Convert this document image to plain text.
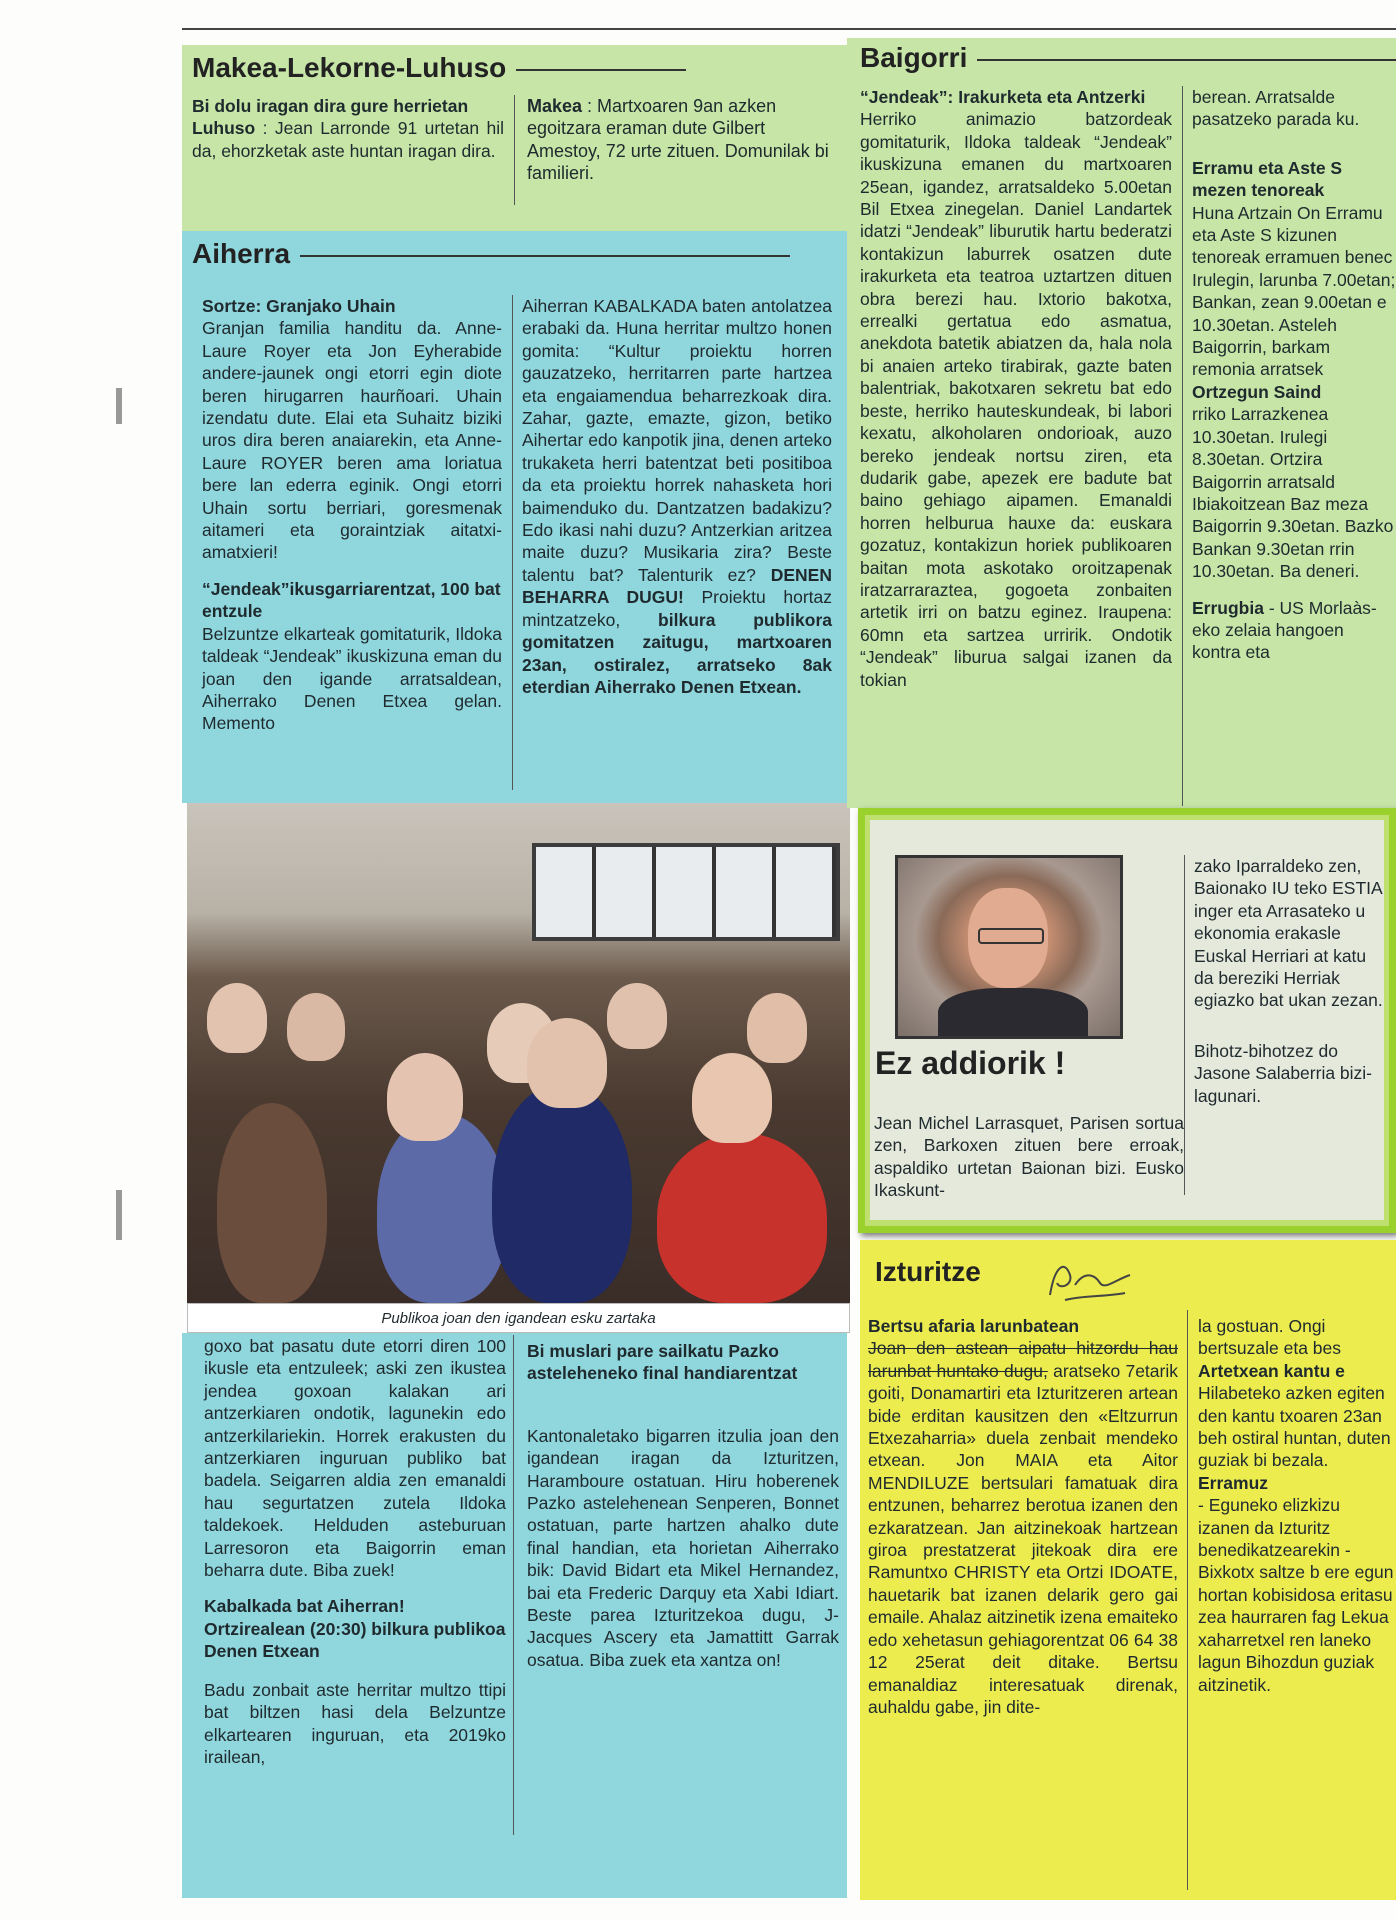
Makea-Lekorne-Luhuso
Bi dolu iragan dira gure herrietan
Luhuso : Jean Larronde 91 urtetan hil da, ehorzketak aste huntan iragan dira.
Makea : Martxoaren 9an azken egoitzara eraman dute Gilbert Amestoy, 72 urte zituen. Domunilak bi familieri.
Aiherra
Sortze: Granjako Uhain

Granjan familia handitu da. Anne-Laure Royer eta Jon Eyherabide andere-jaunek ongi etorri egin diote beren hirugarren haurñoari. Uhain izendatu dute. Elai eta Suhaitz biziki uros dira beren anaiarekin, eta Anne-Laure ROYER beren ama loriatua bere lan ederra eginik. Ongi etorri Uhain sortu berriari, goresmenak aitameri eta goraintziak aitatxi-amatxieri!

“Jendeak”ikusgarriarentzat, 100 bat entzule

Belzuntze elkarteak gomitaturik, Ildoka taldeak “Jendeak” ikuskizuna eman du joan den igande arratsaldean, Aiherrako Denen Etxea gelan. Memento

Aiherran KABALKADA baten antolatzea erabaki da. Huna herritar multzo honen gomita: “Kultur proiektu horren gauzatzeko, herritarren parte hartzea eta engaiamendua beharrezkoak dira. Zahar, gazte, emazte, gizon, betiko Aihertar edo kanpotik jina, denen arteko trukaketa herri batentzat beti positiboa da eta proiektu horrek nahasketa hori baimenduko du. Dantzatzen badakizu? Edo ikasi nahi duzu? Antzerkian aritzea maite duzu? Musikaria zira? Beste talentu bat? Talenturik ez? DENEN BEHARRA DUGU! Proiektu hortaz mintzatzeko, bilkura publikora gomitatzen zaitugu, martxoaren 23an, ostiralez, arratseko 8ak eterdian Aiherrako Denen Etxean.
Publikoa joan den igandean esku zartaka

goxo bat pasatu dute etorri diren 100 ikusle eta entzuleek; aski zen ikustea jendea goxoan kalakan ari antzerkiaren ondotik, lagunekin edo antzerkilariekin. Horrek erakusten du antzerkiaren inguruan publiko bat badela. Seigarren aldia zen emanaldi hau segurtatzen zutela Ildoka taldekoek. Helduden asteburuan Larresoron eta Baigorrin eman beharra dute. Biba zuek!

Kabalkada bat Aiherran! Ortzirealean (20:30) bilkura publikoa Denen Etxean

Badu zonbait aste herritar multzo ttipi bat biltzen hasi dela Belzuntze elkartearen inguruan, eta 2019ko irailean,

Bi muslari pare sailkatu Pazko asteleheneko final handiarentzat

Kantonaletako bigarren itzulia joan den igandean iragan da Izturitzen, Haramboure ostatuan. Hiru hoberenek Pazko astelehenean Senperen, Bonnet ostatuan, parte hartzen ahalko dute final handian, eta horietan Aiherrako bik: David Bidart eta Mikel Hernandez, bai eta Frederic Darquy eta Xabi Idiart. Beste parea Izturitzekoa dugu, J-Jacques Ascery eta Jamattitt Garrak osatua. Biba zuek eta xantza on!

Baigorri
“Jendeak”: Irakurketa eta Antzerki

Herriko animazio batzordeak gomitaturik, Ildoka taldeak “Jendeak” ikuskizuna emanen du martxoaren 25ean, igandez, arratsaldeko 5.00etan Bil Etxea zinegelan. Daniel Landartek idatzi “Jendeak” liburutik hartu bederatzi kontakizun laburrek osatzen dute irakurketa eta teatroa uztartzen dituen obra berezi hau. Ixtorio bakotxa, errealki gertatua edo asmatua, anekdota batetik abiatzen da, hala nola bi anaien arteko tirabirak, gazte baten balentriak, bakotxaren sekretu bat edo beste, herriko hauteskundeak, bi labori kexatu, alkoholaren ondorioak, auzo bereko jendeak nortsu ziren, eta dudarik gabe, apezek ere badute bat baino gehiago aipamen. Emanaldi horren helburua hauxe da: euskara gozatuz, kontakizun horiek publikoaren baitan mota askotako oroitzapenak iratzarraraztea, gogoeta zonbaiten artetik irri on batzu eginez. Iraupena: 60mn eta sartzea urririk. Ondotik “Jendeak” liburua salgai izanen da tokian

berean. Arratsalde pasatzeko parada ku.

Erramu eta Aste S mezen tenoreak
Huna Artzain On Erramu eta Aste S kizunen tenoreak erramuen benec Irulegin, larunba 7.00etan; Bankan, zean 9.00etan e 10.30etan. Asteleh Baigorrin, barkam remonia arratsek
Ortzegun Saind

rriko Larrazkenea 10.30etan. Irulegi 8.30etan. Ortzira Baigorrin arratsald Ibiakoitzean Baz meza Baigorrin 9.30etan. Bazko Bankan 9.30etan rrin 10.30etan. Ba deneri.

Errugbia - US Morlaàs-eko zelaia hangoen kontra eta
Ez addiorik !
Jean Michel Larrasquet, Parisen sortua zen, Barkoxen zituen bere erroak, aspaldiko urtetan Baionan bizi. Eusko Ikaskunt-

zako Iparraldeko zen, Baionako IU teko ESTIA inger eta Arrasateko u ekonomia erakasle Euskal Herriari at katu da bereziki Herriak egiazko bat ukan zezan.

Bihotz-bihotzez do Jasone Salaberria bizi-lagunari.

Izturitze
Bertsu afaria larunbatean
Joan den astean aipatu hitzordu hau larunbat huntako dugu, aratseko 7etarik goiti, Donamartiri eta Izturitzeren artean bide erditan kausitzen den «Eltzurrun Etxezaharria» duela zenbait mendeko etxean. Jon MAIA eta Aitor MENDILUZE bertsulari famatuak dira entzunen, beharrez berotua izanen den ezkaratzean. Jan aitzinekoak hartzean giroa prestatzerat jitekoak dira ere Ramuntxo CHRISTY eta Ortzi IDOATE, hauetarik bat izanen delarik gero gai emaile. Ahalaz aitzinetik izena emaiteko edo xehetasun gehiagorentzat 06 64 38 12 25erat deit ditake. Bertsu emanaldiaz interesatuak direnak, auhaldu gabe, jin dite-
la gostuan. Ongi bertsuzale eta bes
Artetxean kantu e
Hilabeteko azken egiten den kantu txoaren 23an beh ostiral huntan, duten guziak bi bezala.
Erramuz
- Eguneko elizkizu izanen da Izturitz benedikatzearekin - Bixkotx saltze b ere egun hortan kobisidosa eritasu zea haurraren fag Lekua xaharretxel ren laneko lagun Bihozdun guziak aitzinetik.
